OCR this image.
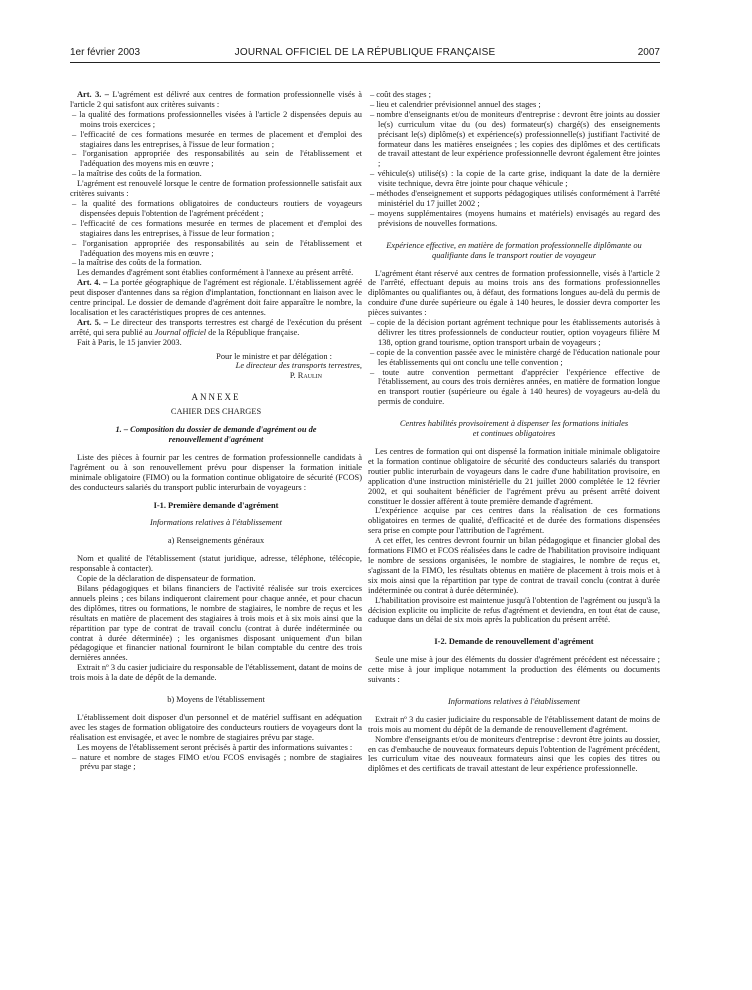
1er février 2003	JOURNAL OFFICIEL DE LA RÉPUBLIQUE FRANÇAISE	2007

Art. 3. – L'agrément est délivré aux centres de formation professionnelle visés à l'article 2 qui satisfont aux critères suivants :

– la qualité des formations professionnelles visées à l'article 2 dispensées depuis au moins trois exercices ;
– l'efficacité de ces formations mesurée en termes de placement et d'emploi des stagiaires dans les entreprises, à l'issue de leur formation ;
– l'organisation appropriée des responsabilités au sein de l'établissement et l'adéquation des moyens mis en œuvre ;
– la maîtrise des coûts de la formation.

L'agrément est renouvelé lorsque le centre de formation professionnelle satisfait aux critères suivants :

– la qualité des formations obligatoires de conducteurs routiers de voyageurs dispensées depuis l'obtention de l'agrément précédent ;
– l'efficacité de ces formations mesurée en termes de placement et d'emploi des stagiaires dans les entreprises, à l'issue de leur formation ;
– l'organisation appropriée des responsabilités au sein de l'établissement et l'adéquation des moyens mis en œuvre ;
– la maîtrise des coûts de la formation.

Les demandes d'agrément sont établies conformément à l'annexe au présent arrêté.

Art. 4. – La portée géographique de l'agrément est régionale. L'établissement agréé peut disposer d'antennes dans sa région d'implantation, fonctionnant en liaison avec le centre principal. Le dossier de demande d'agrément doit faire apparaître le nombre, la localisation et les caractéristiques propres de ces antennes.

Art. 5. – Le directeur des transports terrestres est chargé de l'exécution du présent arrêté, qui sera publié au Journal officiel de la République française.

Fait à Paris, le 15 janvier 2003.

Pour le ministre et par délégation :

Le directeur des transports terrestres,

P. Raulin

ANNEXE

CAHIER DES CHARGES

1. – Composition du dossier de demande d'agrément ou de renouvellement d'agrément

Liste des pièces à fournir par les centres de formation professionnelle candidats à l'agrément ou à son renouvellement prévu pour dispenser la formation initiale minimale obligatoire (FIMO) ou la formation continue obligatoire de sécurité (FCOS) des conducteurs salariés du transport public interurbain de voyageurs :

I-1. Première demande d'agrément

Informations relatives à l'établissement

a) Renseignements généraux

Nom et qualité de l'établissement (statut juridique, adresse, téléphone, télécopie, responsable à contacter).

Copie de la déclaration de dispensateur de formation.

Bilans pédagogiques et bilans financiers de l'activité réalisée sur trois exercices annuels pleins ; ces bilans indiqueront clairement pour chaque année, et pour chacun des diplômes, titres ou formations, le nombre de stagiaires, le nombre de reçus et les résultats en matière de placement des stagiaires à trois mois et à six mois ainsi que la répartition par type de contrat de travail conclu (contrat à durée indéterminée ou contrat à durée déterminée) ; les organismes disposant uniquement d'un bilan pédagogique et financier national fourniront le bilan comptable du centre des trois dernières années.

Extrait nº 3 du casier judiciaire du responsable de l'établissement, datant de moins de trois mois à la date de dépôt de la demande.

b) Moyens de l'établissement

L'établissement doit disposer d'un personnel et de matériel suffisant en adéquation avec les stages de formation obligatoire des conducteurs routiers de voyageurs dont la réalisation est envisagée, et avec le nombre de stagiaires prévu par stage.

Les moyens de l'établissement seront précisés à partir des informations suivantes :

– nature et nombre de stages FIMO et/ou FCOS envisagés ; nombre de stagiaires prévu par stage ;
– coût des stages ;
– lieu et calendrier prévisionnel annuel des stages ;
– nombre d'enseignants et/ou de moniteurs d'entreprise : devront être joints au dossier le(s) curriculum vitae du (ou des) formateur(s) chargé(s) des enseignements précisant le(s) diplôme(s) et expérience(s) professionnelle(s) justifiant l'activité de formateur dans les matières enseignées ; les copies des diplômes et des certificats de travail attestant de leur expérience professionnelle devront également être jointes ;
– véhicule(s) utilisé(s) : la copie de la carte grise, indiquant la date de la dernière visite technique, devra être jointe pour chaque véhicule ;
– méthodes d'enseignement et supports pédagogiques utilisés conformément à l'arrêté ministériel du 17 juillet 2002 ;
– moyens supplémentaires (moyens humains et matériels) envisagés au regard des prévisions de nouvelles formations.

Expérience effective, en matière de formation professionnelle diplômante ou qualifiante dans le transport routier de voyageur

L'agrément étant réservé aux centres de formation professionnelle, visés à l'article 2 de l'arrêté, effectuant depuis au moins trois ans des formations professionnelles diplômantes ou qualifiantes ou, à défaut, des formations longues au-delà du permis de conduire d'une durée supérieure ou égale à 140 heures, le dossier devra comporter les pièces suivantes :

– copie de la décision portant agrément technique pour les établissements autorisés à délivrer les titres professionnels de conducteur routier, option voyageurs filière M 138, option grand tourisme, option transport urbain de voyageurs ;
– copie de la convention passée avec le ministère chargé de l'éducation nationale pour les établissements qui ont conclu une telle convention ;
– toute autre convention permettant d'apprécier l'expérience effective de l'établissement, au cours des trois dernières années, en matière de formation longue en transport routier (supérieure ou égale à 140 heures) de voyageurs au-delà du permis de conduire.

Centres habilités provisoirement à dispenser les formations initiales et continues obligatoires

Les centres de formation qui ont dispensé la formation initiale minimale obligatoire et la formation continue obligatoire de sécurité des conducteurs salariés du transport routier public interurbain de voyageurs dans le cadre d'une habilitation provisoire, en application d'une instruction ministérielle du 21 juillet 2000 complétée le 12 février 2002, et qui souhaitent bénéficier de l'agrément prévu au présent arrêté doivent constituer le dossier afférent à toute première demande d'agrément.

L'expérience acquise par ces centres dans la réalisation de ces formations obligatoires en termes de qualité, d'efficacité et de durée des formations dispensées sera prise en compte pour l'attribution de l'agrément.

A cet effet, les centres devront fournir un bilan pédagogique et financier global des formations FIMO et FCOS réalisées dans le cadre de l'habilitation provisoire indiquant le nombre de sessions organisées, le nombre de stagiaires, le nombre de reçus et, s'agissant de la FIMO, les résultats obtenus en matière de placement à trois mois et à six mois ainsi que la répartition par type de contrat de travail conclu (contrat à durée indéterminée ou contrat à durée déterminée).

L'habilitation provisoire est maintenue jusqu'à l'obtention de l'agrément ou jusqu'à la décision explicite ou implicite de refus d'agrément et deviendra, en tout état de cause, caduque dans un délai de six mois après la publication du présent arrêté.

I-2. Demande de renouvellement d'agrément

Seule une mise à jour des éléments du dossier d'agrément précédent est nécessaire ; cette mise à jour implique notamment la production des éléments ou documents suivants :

Informations relatives à l'établissement

Extrait nº 3 du casier judiciaire du responsable de l'établissement datant de moins de trois mois au moment du dépôt de la demande de renouvellement d'agrément.

Nombre d'enseignants et/ou de moniteurs d'entreprise : devront être joints au dossier, en cas d'embauche de nouveaux formateurs depuis l'obtention de l'agrément précédent, les curriculum vitae des nouveaux formateurs ainsi que les copies des titres ou diplômes et des certificats de travail attestant de leur expérience professionnelle.
